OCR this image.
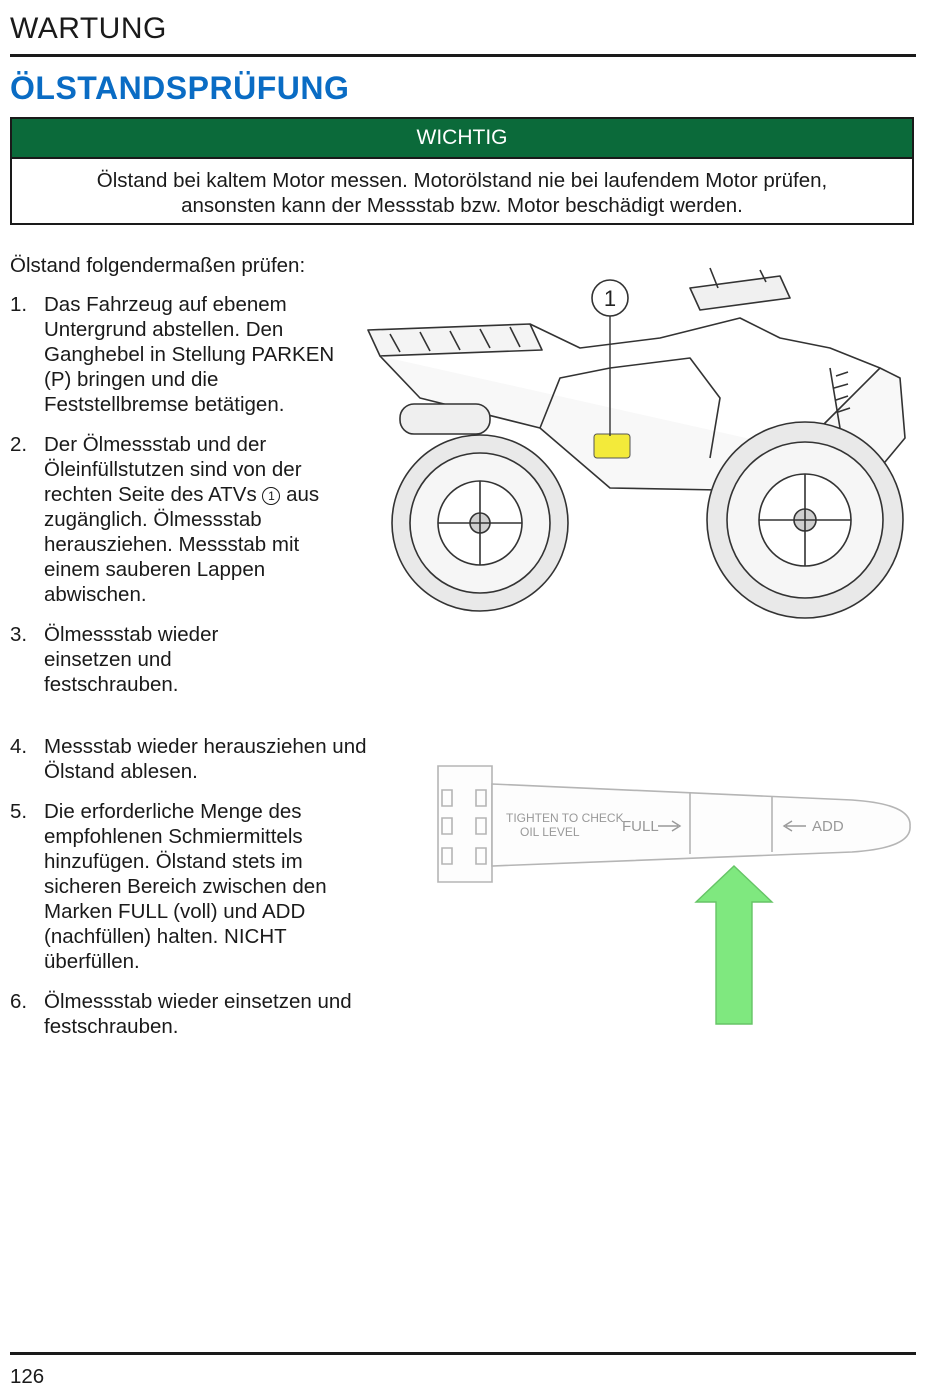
WARTUNG
ÖLSTANDSPRÜFUNG
WICHTIG
Ölstand bei kaltem Motor messen. Motorölstand nie bei laufendem Motor prüfen,
ansonsten kann der Messstab bzw. Motor beschädigt werden.
Ölstand folgendermaßen prüfen:
1. Das Fahrzeug auf ebenem Untergrund abstellen. Den Ganghebel in Stellung PARKEN (P) bringen und die Feststellbremse betätigen.
2. Der Ölmessstab und der Öleinfüllstutzen sind von der rechten Seite des ATVs 1 aus zugänglich. Ölmessstab herausziehen. Messstab mit einem sauberen Lappen abwischen.
3. Ölmessstab wieder einsetzen und festschrauben.
4. Messstab wieder herausziehen und Ölstand ablesen.
5. Die erforderliche Menge des empfohlenen Schmiermittels hinzufügen. Ölstand stets im sicheren Bereich zwischen den Marken FULL (voll) und ADD (nachfüllen) halten. NICHT überfüllen.
6. Ölmessstab wieder einsetzen und festschrauben.
1
TIGHTEN TO CHECK
OIL LEVEL	FULL	ADD
126
